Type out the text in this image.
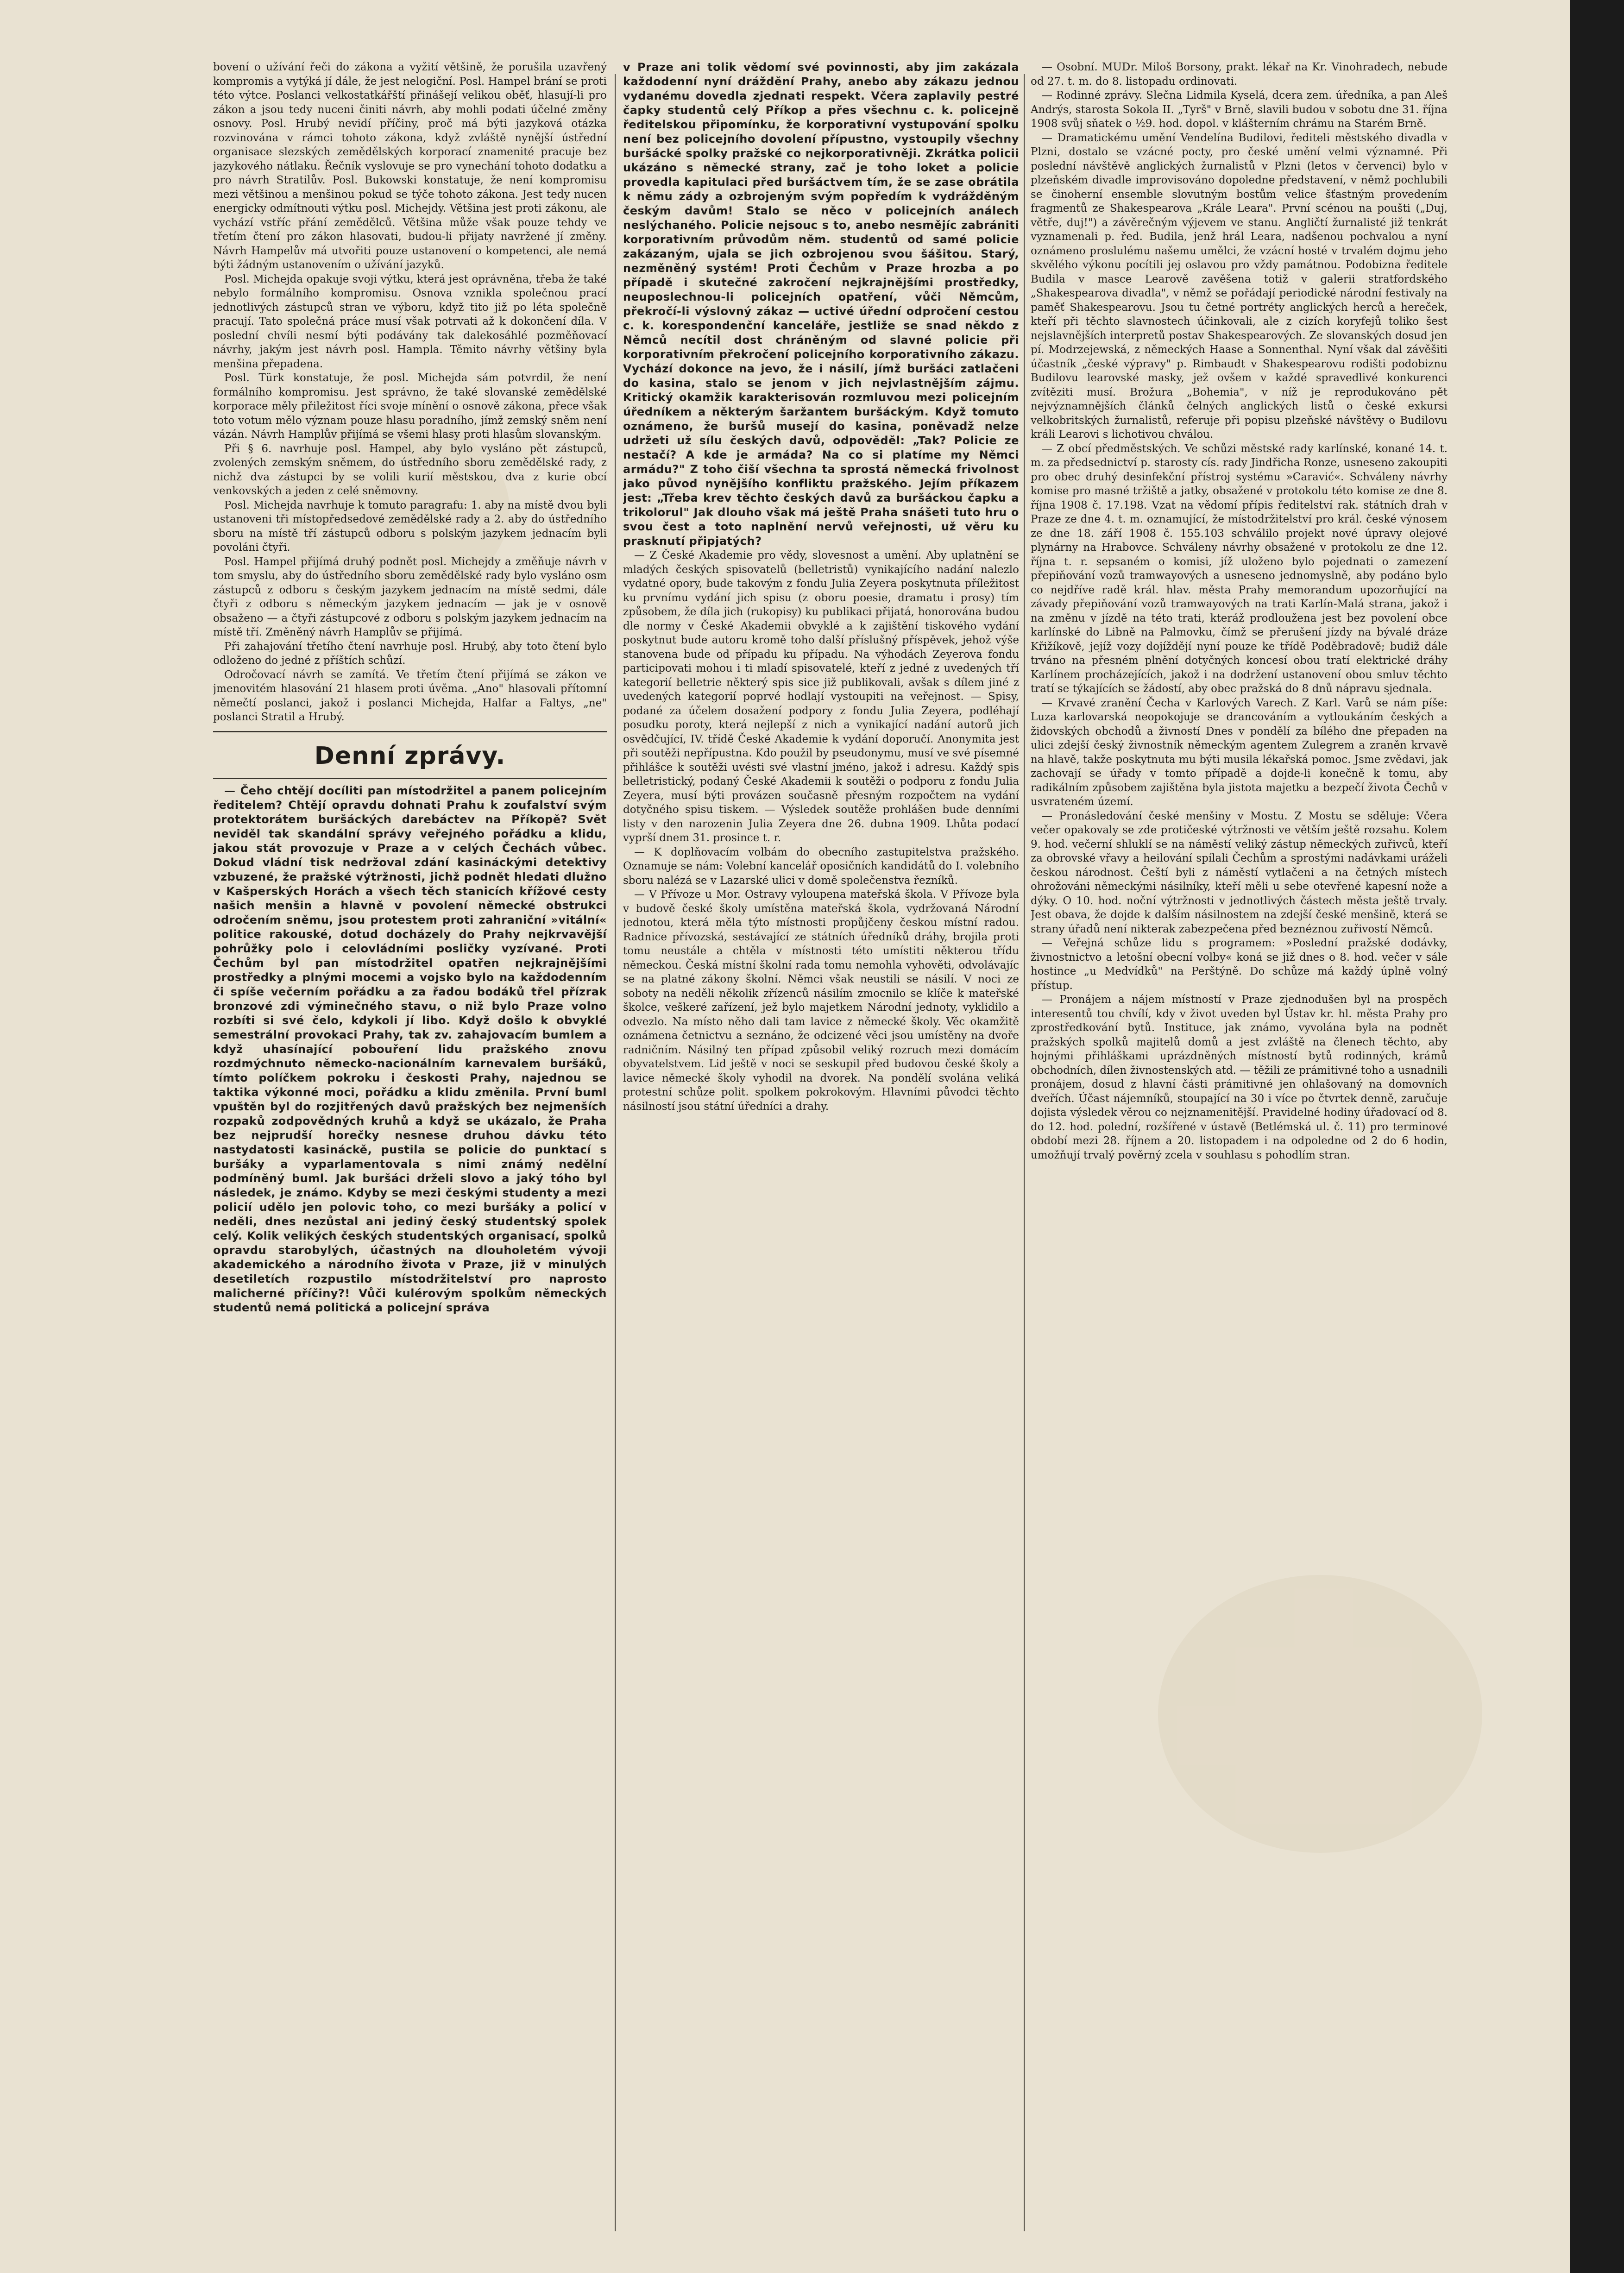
bovení o užívání řeči do zákona a vyžití většině, že porušila uzavřený kompromis a vytýká jí dále, že jest nelogiční. Posl. Hampel brání se proti této výtce. Poslanci velkostatkářští přinášejí velikou oběť, hlasují-li pro zákon a jsou tedy nuceni činiti návrh, aby mohli podati účelné změny osnovy. Posl. Hrubý nevidí příčiny, proč má býti jazyková otázka rozvinována v rámci tohoto zákona, když zvláště nynější ústřední organisace slezských zemědělských korporací znamenité pracuje bez jazykového nátlaku. Řečník vyslovuje se pro vynechání tohoto dodatku a pro návrh Stratilův. Posl. Bukowski konstatuje, že není kompromisu mezi většinou a menšinou pokud se týče tohoto zákona. Jest tedy nucen energicky odmítnouti výtku posl. Michejdy. Většina jest proti zákonu, ale vychází vstříc přání zemědělců. Většina může však pouze tehdy ve třetím čtení pro zákon hlasovati, budou-li přijaty navržené jí změny. Návrh Hampelův má utvořiti pouze ustanovení o kompetenci, ale nemá býti žádným ustanovením o užívání jazyků.

Posl. Michejda opakuje svoji výtku, která jest oprávněna, třeba že také nebylo formálního kompromisu. Osnova vznikla společnou prací jednotlivých zástupců stran ve výboru, když tito již po léta společně pracují. Tato společná práce musí však potrvati až k dokončení díla. V poslední chvíli nesmí býti podávány tak dalekosáhlé pozměňovací návrhy, jakým jest návrh posl. Hampla. Těmito návrhy většiny byla menšina přepadena.

Posl. Türk konstatuje, že posl. Michejda sám potvrdil, že není formálního kompromisu. Jest správno, že také slovanské zemědělské korporace měly přiležitost říci svoje mínění o osnově zákona, přece však toto votum mělo význam pouze hlasu poradního, jímž zemský sněm není vázán. Návrh Hamplův přijímá se všemi hlasy proti hlasům slovanským.

Při § 6. navrhuje posl. Hampel, aby bylo vysláno pět zástupců, zvolených zemským sněmem, do ústředního sboru zemědělské rady, z nichž dva zástupci by se volili kurií městskou, dva z kurie obcí venkovských a jeden z celé sněmovny.

Posl. Michejda navrhuje k tomuto paragrafu: 1. aby na místě dvou byli ustanoveni tři místopředsedové zemědělské rady a 2. aby do ústředního sboru na místě tří zástupců odboru s polským jazykem jednacím byli povoláni čtyři.

Posl. Hampel přijímá druhý podnět posl. Michejdy a změňuje návrh v tom smyslu, aby do ústředního sboru zemědělské rady bylo vysláno osm zástupců z odboru s českým jazykem jednacím na místě sedmi, dále čtyři z odboru s německým jazykem jednacím — jak je v osnově obsaženo — a čtyři zástupcové z odboru s polským jazykem jednacím na místě tří. Změněný návrh Hamplův se přijímá.

Při zahajování třetího čtení navrhuje posl. Hrubý, aby toto čtení bylo odloženo do jedné z příštích schůzí.

Odročovací návrh se zamítá. Ve třetím čtení přijímá se zákon ve jmenovitém hlasování 21 hlasem proti úvěma. „Ano" hlasovali přítomní němečtí poslanci, jakož i poslanci Michejda, Halfar a Faltys, „ne" poslanci Stratil a Hrubý.

Denní zprávy.

— Čeho chtějí docíliti pan místodržitel a panem policejním ředitelem? Chtějí opravdu dohnati Prahu k zoufalství svým protektorátem buršáckých darebáctev na Příkopě? Svět neviděl tak skandální správy veřejného pořádku a klidu, jakou stát provozuje v Praze a v celých Čechách vůbec. Dokud vládní tisk nedržoval zdání kasináckými detektivy vzbuzené, že pražské výtržnosti, jichž podnět hledati dlužno v Kašperských Horách a všech těch stanicích křížové cesty našich menšin a hlavně v povolení německé obstrukci odročením sněmu, jsou protestem proti zahraniční »vitální« politice rakouské, dotud docházely do Prahy nejkrvavější pohrůžky polo i celovládními posličky vyzívané. Proti Čechům byl pan místodržitel opatřen nejkrajnějšími prostředky a plnými mocemi a vojsko bylo na každodenním či spíše večerním pořádku a za řadou bodáků třel přízrak bronzové zdi výminečného stavu, o niž bylo Praze volno rozbíti si své čelo, kdykoli jí libo. Když došlo k obvyklé semestrální provokaci Prahy, tak zv. zahajovacím bumlem a když uhasínající pobouření lidu pražského znovu rozdmýchnuto německo-nacionálním karnevalem buršáků, tímto políčkem pokroku i českosti Prahy, najednou se taktika výkonné moci, pořádku a klidu změnila. První buml vpuštěn byl do rozjitřených davů pražských bez nejmenších rozpaků zodpovědných kruhů a když se ukázalo, že Praha bez nejprudší horečky nesnese druhou dávku této nastydatosti kasináckě, pustila se policie do punktací s buršáky a vyparlamentovala s nimi známý nedělní podmíněný buml. Jak buršáci drželi slovo a jaký tóho byl následek, je známo. Kdyby se mezi českými studenty a mezi policií udělo jen polovic toho, co mezi buršáky a policí v neděli, dnes nezůstal ani jediný český studentský spolek celý. Kolik velikých českých studentských organisací, spolků opravdu starobylých, účastných na dlouholetém vývoji akademického a národního života v Praze, již v minulých desetiletích rozpustilo místodržitelství pro naprosto malicherné příčiny?! Vůči kulérovým spolkům německých studentů nemá politická a policejní správa

v Praze ani tolik vědomí své povinnosti, aby jim zakázala každodenní nyní dráždění Prahy, anebo aby zákazu jednou vydanému dovedla zjednati respekt. Včera zaplavily pestré čapky studentů celý Příkop a přes všechnu c. k. policejně ředitelskou připomínku, že korporativní vystupování spolku není bez policejního dovolení přípustno, vystoupily všechny buršácké spolky pražské co nejkorporativněji. Zkrátka policii ukázáno s německé strany, zač je toho loket a policie provedla kapitulaci před buršáctvem tím, že se zase obrátila k němu zády a ozbrojeným svým popředím k vydrážděným českým davům! Stalo se něco v policejních análech neslýchaného. Policie nejsouc s to, anebo nesmějíc zabrániti korporativním průvodům něm. studentů od samé policie zakázaným, ujala se jich ozbrojenou svou šášitou. Starý, nezměněný systém! Proti Čechům v Praze hrozba a po případě i skutečné zakročení nejkrajnějšími prostředky, neuposlechnou-li policejních opatření, vůči Němcům, překročí-li výslovný zákaz — uctivé úřední odpročení cestou c. k. korespondenční kanceláře, jestliže se snad někdo z Němců necítil dost chráněným od slavné policie při korporativním překročení policejního korporativního zákazu. Vychází dokonce na jevo, že i násilí, jímž buršáci zatlačeni do kasina, stalo se jenom v jich nejvlastnějším zájmu. Kritický okamžik karakterisován rozmluvou mezi policejním úředníkem a některým šaržantem buršáckým. Když tomuto oznámeno, že buršů musejí do kasina, poněvadž nelze udržeti už sílu českých davů, odpověděl: „Tak? Policie ze nestačí? A kde je armáda? Na co si platíme my Němci armádu?" Z toho čiší všechna ta sprostá německá frivolnost jako původ nynějšího konfliktu pražského. Jejím příkazem jest: „Třeba krev těchto českých davů za buršáckou čapku a trikolorul" Jak dlouho však má ještě Praha snášeti tuto hru o svou čest a toto naplnění nervů veřejnosti, už věru ku prasknutí připjatých?

— Z České Akademie pro vědy, slovesnost a umění. Aby uplatnění se mladých českých spisovatelů (belletristů) vynikajícího nadání nalezlo vydatné opory, bude takovým z fondu Julia Zeyera poskytnuta příležitost ku prvnímu vydání jich spisu (z oboru poesie, dramatu i prosy) tím způsobem, že díla jich (rukopisy) ku publikaci přijatá, honorována budou dle normy v České Akademii obvyklé a k zajištění tiskového vydání poskytnut bude autoru kromě toho další příslušný příspěvek, jehož výše stanovena bude od případu ku případu. Na výhodách Zeyerova fondu participovati mohou i ti mladí spisovatelé, kteří z jedné z uvedených tří kategorií belletrie některý spis sice již publikovali, avšak s dílem jiné z uvedených kategorií poprvé hodlají vystoupiti na veřejnost. — Spisy, podané za účelem dosažení podpory z fondu Julia Zeyera, podléhají posudku poroty, která nejlepší z nich a vynikající nadání autorů jich osvědčující, IV. třídě České Akademie k vydání doporučí. Anonymita jest při soutěži nepřípustna. Kdo použil by pseudonymu, musí ve své písemné přihlášce k soutěži uvésti své vlastní jméno, jakož i adresu. Každý spis belletristický, podaný České Akademii k soutěži o podporu z fondu Julia Zeyera, musí býti provázen současně přesným rozpočtem na vydání dotyčného spisu tiskem. — Výsledek soutěže prohlášen bude denními listy v den narozenin Julia Zeyera dne 26. dubna 1909. Lhůta podací vyprší dnem 31. prosince t. r.

— K doplňovacím volbám do obecního zastupitelstva pražského. Oznamuje se nám: Volební kancelář oposičních kandidátů do I. volebního sboru nalézá se v Lazarské ulici v domě společenstva řezníků.

— V Přívoze u Mor. Ostravy vyloupena mateřská škola. V Přívoze byla v budově české školy umístěna mateřská škola, vydržovaná Národní jednotou, která měla týto místnosti propůjčeny českou místní radou. Radnice přívozská, sestávající ze státních úředníků dráhy, brojila proti tomu neustále a chtěla v místnosti této umístiti některou třídu německou. Česká místní školní rada tomu nemohla vyhověti, odvolávajíc se na platné zákony školní. Němci však neustili se násilí. V noci ze soboty na neděli několik zřízenců násilím zmocnilo se klíče k mateřské školce, veškeré zařízení, jež bylo majetkem Národní jednoty, vyklidilo a odvezlo. Na místo něho dali tam lavice z německé školy. Věc okamžitě oznámena četnictvu a seznáno, že odcizené věci jsou umístěny na dvoře radničním. Násilný ten případ způsobil veliký rozruch mezi domácím obyvatelstvem. Lid ještě v noci se seskupil před budovou české školy a lavice německé školy vyhodil na dvorek. Na pondělí svolána veliká protestní schůze polit. spolkem pokrokovým. Hlavními původci těchto násilností jsou státní úředníci a drahy.

— Osobní. MUDr. Miloš Borsony, prakt. lékař na Kr. Vinohradech, nebude od 27. t. m. do 8. listopadu ordinovati.

— Rodinné zprávy. Slečna Lidmila Kyselá, dcera zem. úředníka, a pan Aleš Andrýs, starosta Sokola II. „Tyrš" v Brně, slavili budou v sobotu dne 31. října 1908 svůj sňatek o ½9. hod. dopol. v klášterním chrámu na Starém Brně.

— Dramatickému umění Vendelína Budilovi, řediteli městského divadla v Plzni, dostalo se vzácné pocty, pro české umění velmi významné. Při poslední návštěvě anglických žurnalistů v Plzni (letos v červenci) bylo v plzeňském divadle improvisováno dopoledne představení, v němž pochlubili se činoherní ensemble slovutným bostům velice šťastným provedením fragmentů ze Shakespearova „Krále Leara". První scénou na poušti („Duj, větře, duj!") a závěrečným výjevem ve stanu. Angličtí žurnalisté již tenkrát vyznamenali p. řed. Budila, jenž hrál Leara, nadšenou pochvalou a nyní oznámeno proslulému našemu umělci, že vzácní hosté v trvalém dojmu jeho skvělého výkonu pocítili jej oslavou pro vždy památnou. Podobizna ředitele Budila v masce Learově zavěšena totiž v galerii stratfordského „Shakespearova divadla", v němž se pořádají periodické národní festivaly na paměť Shakespearovu. Jsou tu četné portréty anglických herců a hereček, kteří při těchto slavnostech účinkovali, ale z cizích koryfejů toliko šest nejslavnějších interpretů postav Shakespearových. Ze slovanských dosud jen pí. Modrzejewská, z německých Haase a Sonnenthal. Nyní však dal závěšiti účastník „české výpravy" p. Rimbaudt v Shakespearovu rodišti podobiznu Budilovu learovské masky, jež ovšem v každé spravedlivé konkurenci zvítěziti musí. Brožura „Bohemia", v níž je reprodukováno pět nejvýznamnějších článků čelných anglických listů o české exkursi velkobritských žurnalistů, referuje při popisu plzeňské návštěvy o Budilovu králi Learovi s lichotivou chválou.

— Z obcí předměstských. Ve schůzi městské rady karlínské, konané 14. t. m. za předsednictví p. starosty cís. rady Jindřicha Ronze, usneseno zakoupiti pro obec druhý desinfekční přístroj systému »Caravić«. Schváleny návrhy komise pro masné tržiště a jatky, obsažené v protokolu této komise ze dne 8. října 1908 č. 17.198. Vzat na vědomí přípis ředitelství rak. státních drah v Praze ze dne 4. t. m. oznamující, že místodržitelství pro král. české výnosem ze dne 18. září 1908 č. 155.103 schválilo projekt nové úpravy olejové plynárny na Hrabovce. Schváleny návrhy obsažené v protokolu ze dne 12. října t. r. sepsaném o komisi, jíž uloženo bylo pojednati o zamezení přepiňování vozů tramwayových a usneseno jednomyslně, aby podáno bylo co nejdříve radě král. hlav. města Prahy memorandum upozorňující na závady přepiňování vozů tramwayových na trati Karlín-Malá strana, jakož i na změnu v jízdě na této trati, kteráž prodloužena jest bez povolení obce karlínské do Libně na Palmovku, čímž se přerušení jízdy na bývalé dráze Křižíkově, jejíž vozy dojíždějí nyní pouze ke třídě Poděbradově; budiž dále trváno na přesném plnění dotyčných koncesí obou tratí elektrické dráhy Karlínem procházejících, jakož i na dodržení ustanovení obou smluv těchto tratí se týkajících se žádostí, aby obec pražská do 8 dnů nápravu sjednala.

— Krvavé zranění Čecha v Karlových Varech. Z Karl. Varů se nám píše: Luza karlovarská neopokojuje se drancováním a vytloukáním českých a židovských obchodů a živností Dnes v pondělí za bílého dne přepaden na ulici zdejší český živnostník německým agentem Zulegrem a zraněn krvavě na hlavě, takže poskytnuta mu býti musila lékařská pomoc. Jsme zvědavi, jak zachovají se úřady v tomto případě a dojde-li konečně k tomu, aby radikálním způsobem zajištěna byla jistota majetku a bezpečí života Čechů v usvrateném území.

— Pronásledování české menšiny v Mostu. Z Mostu se sděluje: Včera večer opakovaly se zde protičeské výtržnosti ve větším ještě rozsahu. Kolem 9. hod. večerní shluklí se na náměstí veliký zástup německých zuřivců, kteří za obrovské vřavy a heilování spílali Čechům a sprostými nadávkami uráželi českou národnost. Čeští byli z náměstí vytlačeni a na četných místech ohrožováni německými násilníky, kteří měli u sebe otevřené kapesní nože a dýky. O 10. hod. noční výtržnosti v jednotlivých částech města ještě trvaly. Jest obava, že dojde k dalším násilnostem na zdejší české menšině, která se strany úřadů není nikterak zabezpečena před beznéznou zuřivostí Němců.

— Veřejná schůze lidu s programem: »Poslední pražské dodávky, živnostnictvo a letošní obecní volby« koná se již dnes o 8. hod. večer v sále hostince „u Medvídků" na Perštýně. Do schůze má každý úplně volný přístup.

— Pronájem a nájem místností v Praze zjednodušen byl na prospěch interesentů tou chvílí, kdy v život uveden byl Ústav kr. hl. města Prahy pro zprostředkování bytů. Instituce, jak známo, vyvolána byla na podnět pražských spolků majitelů domů a jest zvláště na členech těchto, aby hojnými přihláškami uprázdněných místností bytů rodinných, krámů obchodních, dílen živnostenských atd. — těžili ze prámitivné toho a usnadnili pronájem, dosud z hlavní části prámitivné jen ohlašovaný na domovních dveřích. Účast nájemníků, stoupající na 30 i více po čtvrtek denně, zaručuje dojista výsledek věrou co nejznamenitější. Pravidelné hodiny úřadovací od 8. do 12. hod. polední, rozšířené v ústavě (Betlémská ul. č. 11) pro terminové období mezi 28. říjnem a 20. listopadem i na odpoledne od 2 do 6 hodin, umožňují trvalý pověrný zcela v souhlasu s pohodlím stran.
